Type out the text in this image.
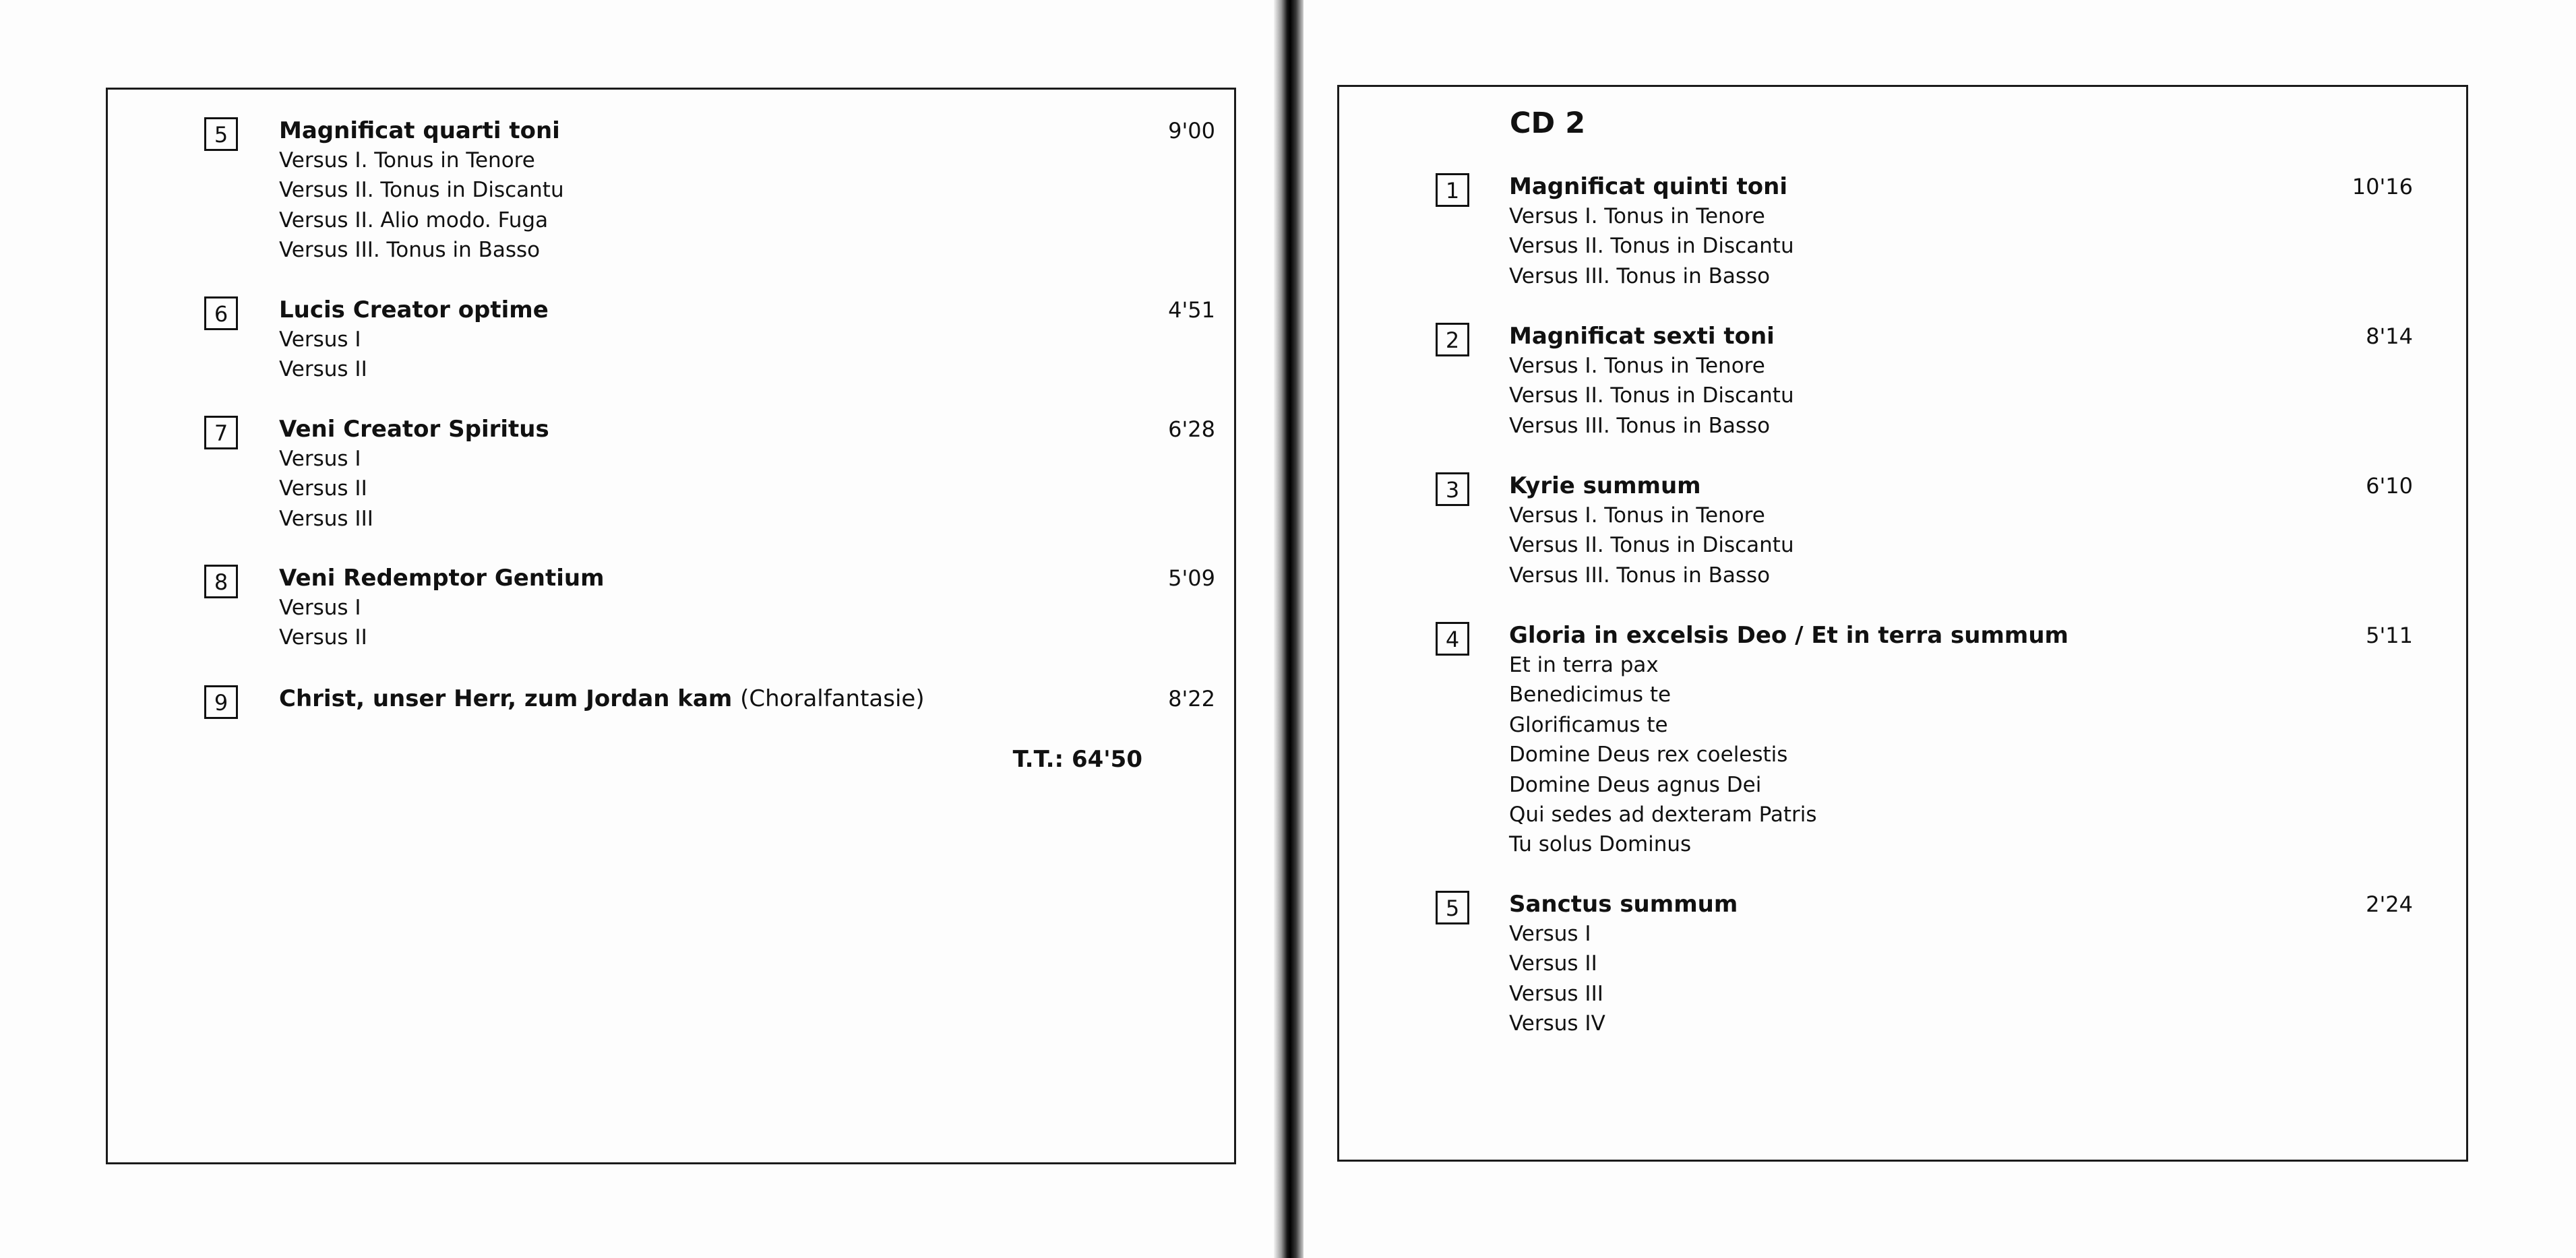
5	Magnificat quarti toni	9'00
Versus I. Tonus in Tenore
Versus II. Tonus in Discantu
Versus II. Alio modo. Fuga
Versus III. Tonus in Basso
6	Lucis Creator optime	4'51
Versus I
Versus II
7	Veni Creator Spiritus	6'28
Versus I
Versus II
Versus III
8	Veni Redemptor Gentium	5'09
Versus I
Versus II
9	Christ, unser Herr, zum Jordan kam (Choralfantasie)	8'22
T.T.: 64'50
CD 2
1	Magnificat quinti toni	10'16
Versus I. Tonus in Tenore
Versus II. Tonus in Discantu
Versus III. Tonus in Basso
2	Magnificat sexti toni	8'14
Versus I. Tonus in Tenore
Versus II. Tonus in Discantu
Versus III. Tonus in Basso
3	Kyrie summum	6'10
Versus I. Tonus in Tenore
Versus II. Tonus in Discantu
Versus III. Tonus in Basso
4	Gloria in excelsis Deo / Et in terra summum	5'11
Et in terra pax
Benedicimus te
Glorificamus te
Domine Deus rex coelestis
Domine Deus agnus Dei
Qui sedes ad dexteram Patris
Tu solus Dominus
5	Sanctus summum	2'24
Versus I
Versus II
Versus III
Versus IV
